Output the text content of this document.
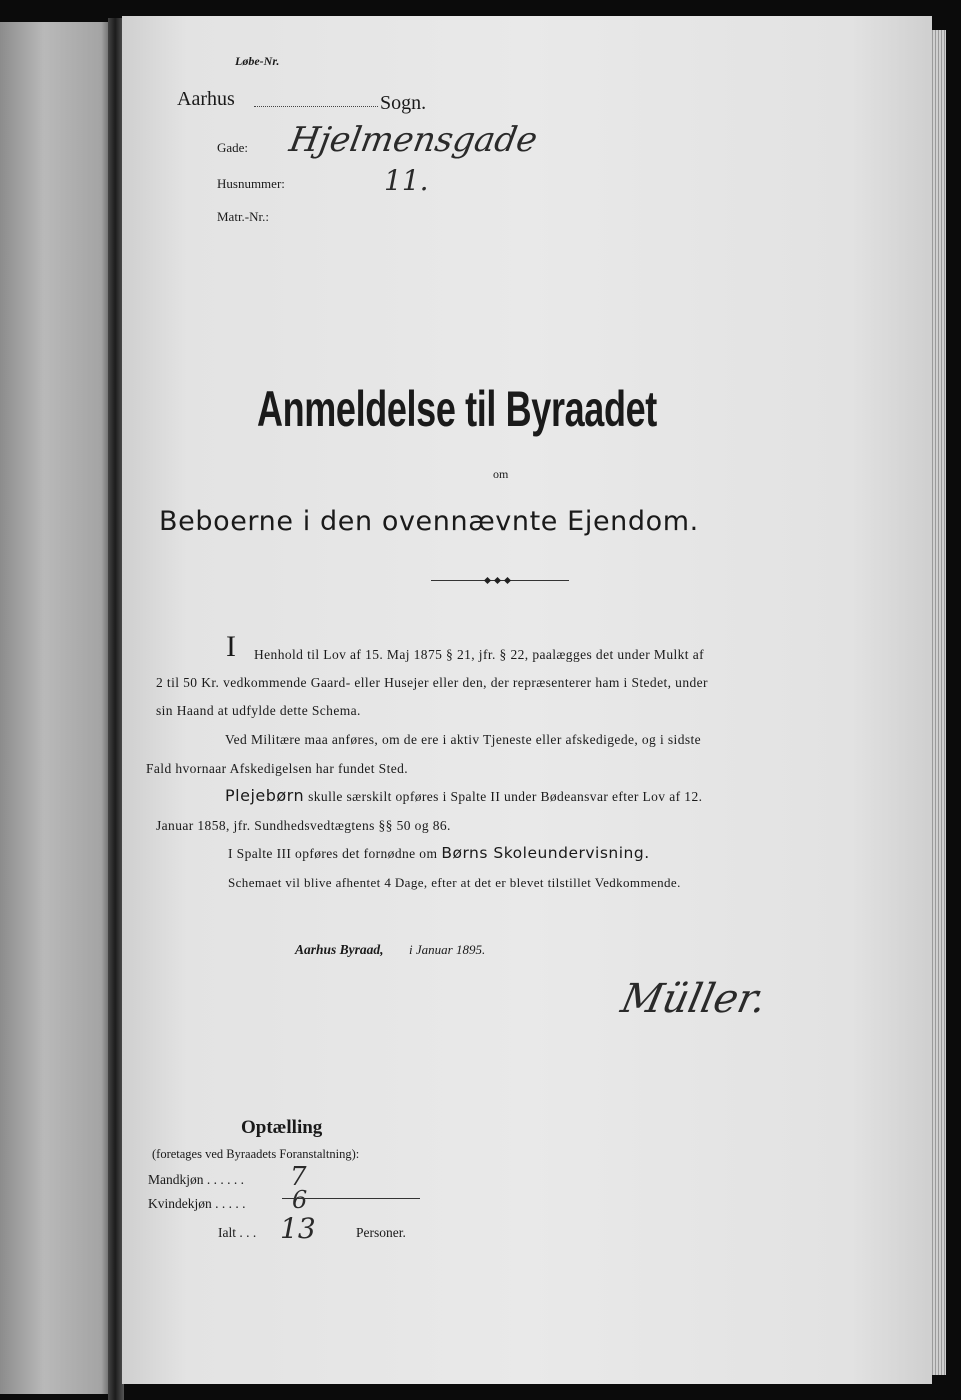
Løbe-Nr.
Aarhus	Sogn.
Gade: Hjelmensgade
Husnummer:	11.
Matr.-Nr.:
Anmeldelse til Byraadet
om
Beboerne i den ovennævnte Ejendom.
I Henhold til Lov af 15. Maj 1875 § 21, jfr. § 22, paalægges det under Mulkt af
2 til 50 Kr. vedkommende Gaard- eller Husejer eller den, der repræsenterer ham i Stedet, under
sin Haand at udfylde dette Schema.
Ved Militære maa anføres, om de ere i aktiv Tjeneste eller afskedigede, og i sidste
Fald hvornaar Afskedigelsen har fundet Sted.
Plejebørn skulle særskilt opføres i Spalte II under Bødeansvar efter Lov af 12.
Januar 1858, jfr. Sundhedsvedtægtens §§ 50 og 86.
I Spalte III opføres det fornødne om Børns Skoleundervisning.
Schemaet vil blive afhentet 4 Dage, efter at det er blevet tilstillet Vedkommende.
Aarhus Byraad, i Januar 1895.
Müller.
Optælling
(foretages ved Byraadets Foranstaltning):
Mandkjøn . . . . . . 7
Kvindekjøn . . . . . 6
Ialt . . . 13	Personer.
